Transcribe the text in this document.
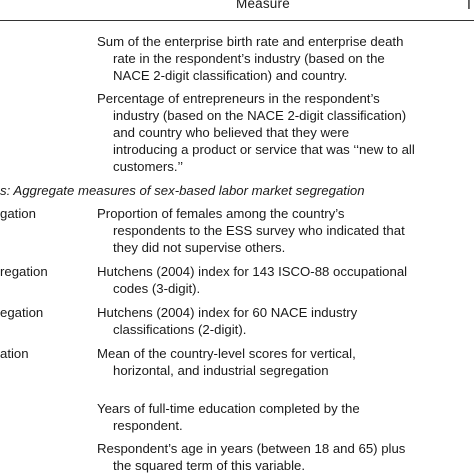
Measure	I
Sum of the enterprise birth rate and enterprise death
rate in the respondent’s industry (based on the
NACE 2-digit classification) and country.
Percentage of entrepreneurs in the respondent’s
industry (based on the NACE 2-digit classification)
and country who believed that they were
introducing a product or service that was ‘‘new to all
customers.’’
s: Aggregate measures of sex-based labor market segregation
gation	Proportion of females among the country’s
respondents to the ESS survey who indicated that
they did not supervise others.
regation	Hutchens (2004) index for 143 ISCO-88 occupational
codes (3-digit).
egation	Hutchens (2004) index for 60 NACE industry
classifications (2-digit).
ation	Mean of the country-level scores for vertical,
horizontal, and industrial segregation
Years of full-time education completed by the
respondent.
Respondent’s age in years (between 18 and 65) plus
the squared term of this variable.
